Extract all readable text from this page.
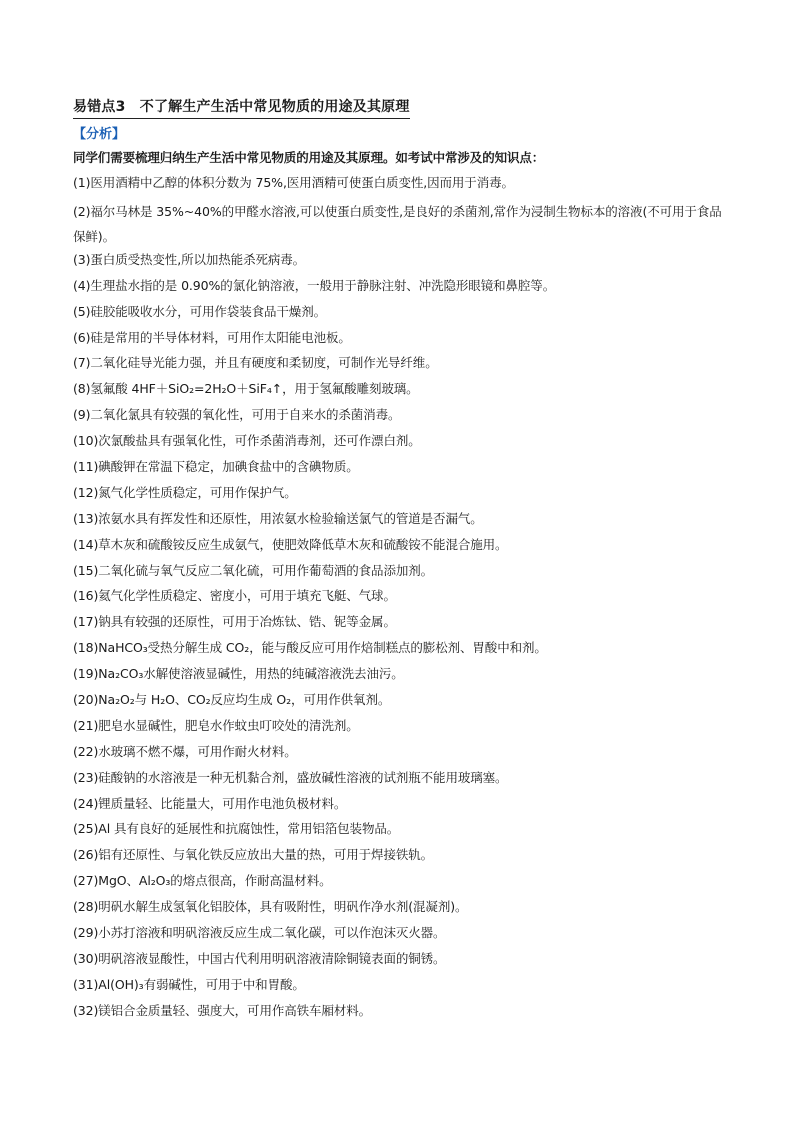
易错点3　不了解生产生活中常见物质的用途及其原理
【分析】
同学们需要梳理归纳生产生活中常见物质的用途及其原理。如考试中常涉及的知识点：
(1)医用酒精中乙醇的体积分数为 75%,医用酒精可使蛋白质变性,因而用于消毒。
(2)福尔马林是 35%~40%的甲醛水溶液,可以使蛋白质变性,是良好的杀菌剂,常作为浸制生物标本的溶液(不可用于食品保鲜)。
(3)蛋白质受热变性,所以加热能杀死病毒。
(4)生理盐水指的是 0.90%的氯化钠溶液，一般用于静脉注射、冲洗隐形眼镜和鼻腔等。
(5)硅胶能吸收水分，可用作袋装食品干燥剂。
(6)硅是常用的半导体材料，可用作太阳能电池板。
(7)二氧化硅导光能力强，并且有硬度和柔韧度，可制作光导纤维。
(8)氢氟酸 4HF＋SiO₂=2H₂O＋SiF₄↑，用于氢氟酸雕刻玻璃。
(9)二氧化氯具有较强的氧化性，可用于自来水的杀菌消毒。
(10)次氯酸盐具有强氧化性，可作杀菌消毒剂，还可作漂白剂。
(11)碘酸钾在常温下稳定，加碘食盐中的含碘物质。
(12)氮气化学性质稳定，可用作保护气。
(13)浓氨水具有挥发性和还原性，用浓氨水检验输送氯气的管道是否漏气。
(14)草木灰和硫酸铵反应生成氨气，使肥效降低草木灰和硫酸铵不能混合施用。
(15)二氧化硫与氧气反应二氧化硫，可用作葡萄酒的食品添加剂。
(16)氦气化学性质稳定、密度小，可用于填充飞艇、气球。
(17)钠具有较强的还原性，可用于冶炼钛、锆、铌等金属。
(18)NaHCO₃受热分解生成 CO₂，能与酸反应可用作焙制糕点的膨松剂、胃酸中和剂。
(19)Na₂CO₃水解使溶液显碱性，用热的纯碱溶液洗去油污。
(20)Na₂O₂与 H₂O、CO₂反应均生成 O₂，可用作供氧剂。
(21)肥皂水显碱性，肥皂水作蚊虫叮咬处的清洗剂。
(22)水玻璃不燃不爆，可用作耐火材料。
(23)硅酸钠的水溶液是一种无机黏合剂，盛放碱性溶液的试剂瓶不能用玻璃塞。
(24)锂质量轻、比能量大，可用作电池负极材料。
(25)Al 具有良好的延展性和抗腐蚀性，常用铝箔包装物品。
(26)铝有还原性、与氧化铁反应放出大量的热，可用于焊接铁轨。
(27)MgO、Al₂O₃的熔点很高，作耐高温材料。
(28)明矾水解生成氢氧化铝胶体，具有吸附性，明矾作净水剂(混凝剂)。
(29)小苏打溶液和明矾溶液反应生成二氧化碳，可以作泡沫灭火器。
(30)明矾溶液显酸性，中国古代利用明矾溶液清除铜镜表面的铜锈。
(31)Al(OH)₃有弱碱性，可用于中和胃酸。
(32)镁铝合金质量轻、强度大，可用作高铁车厢材料。
